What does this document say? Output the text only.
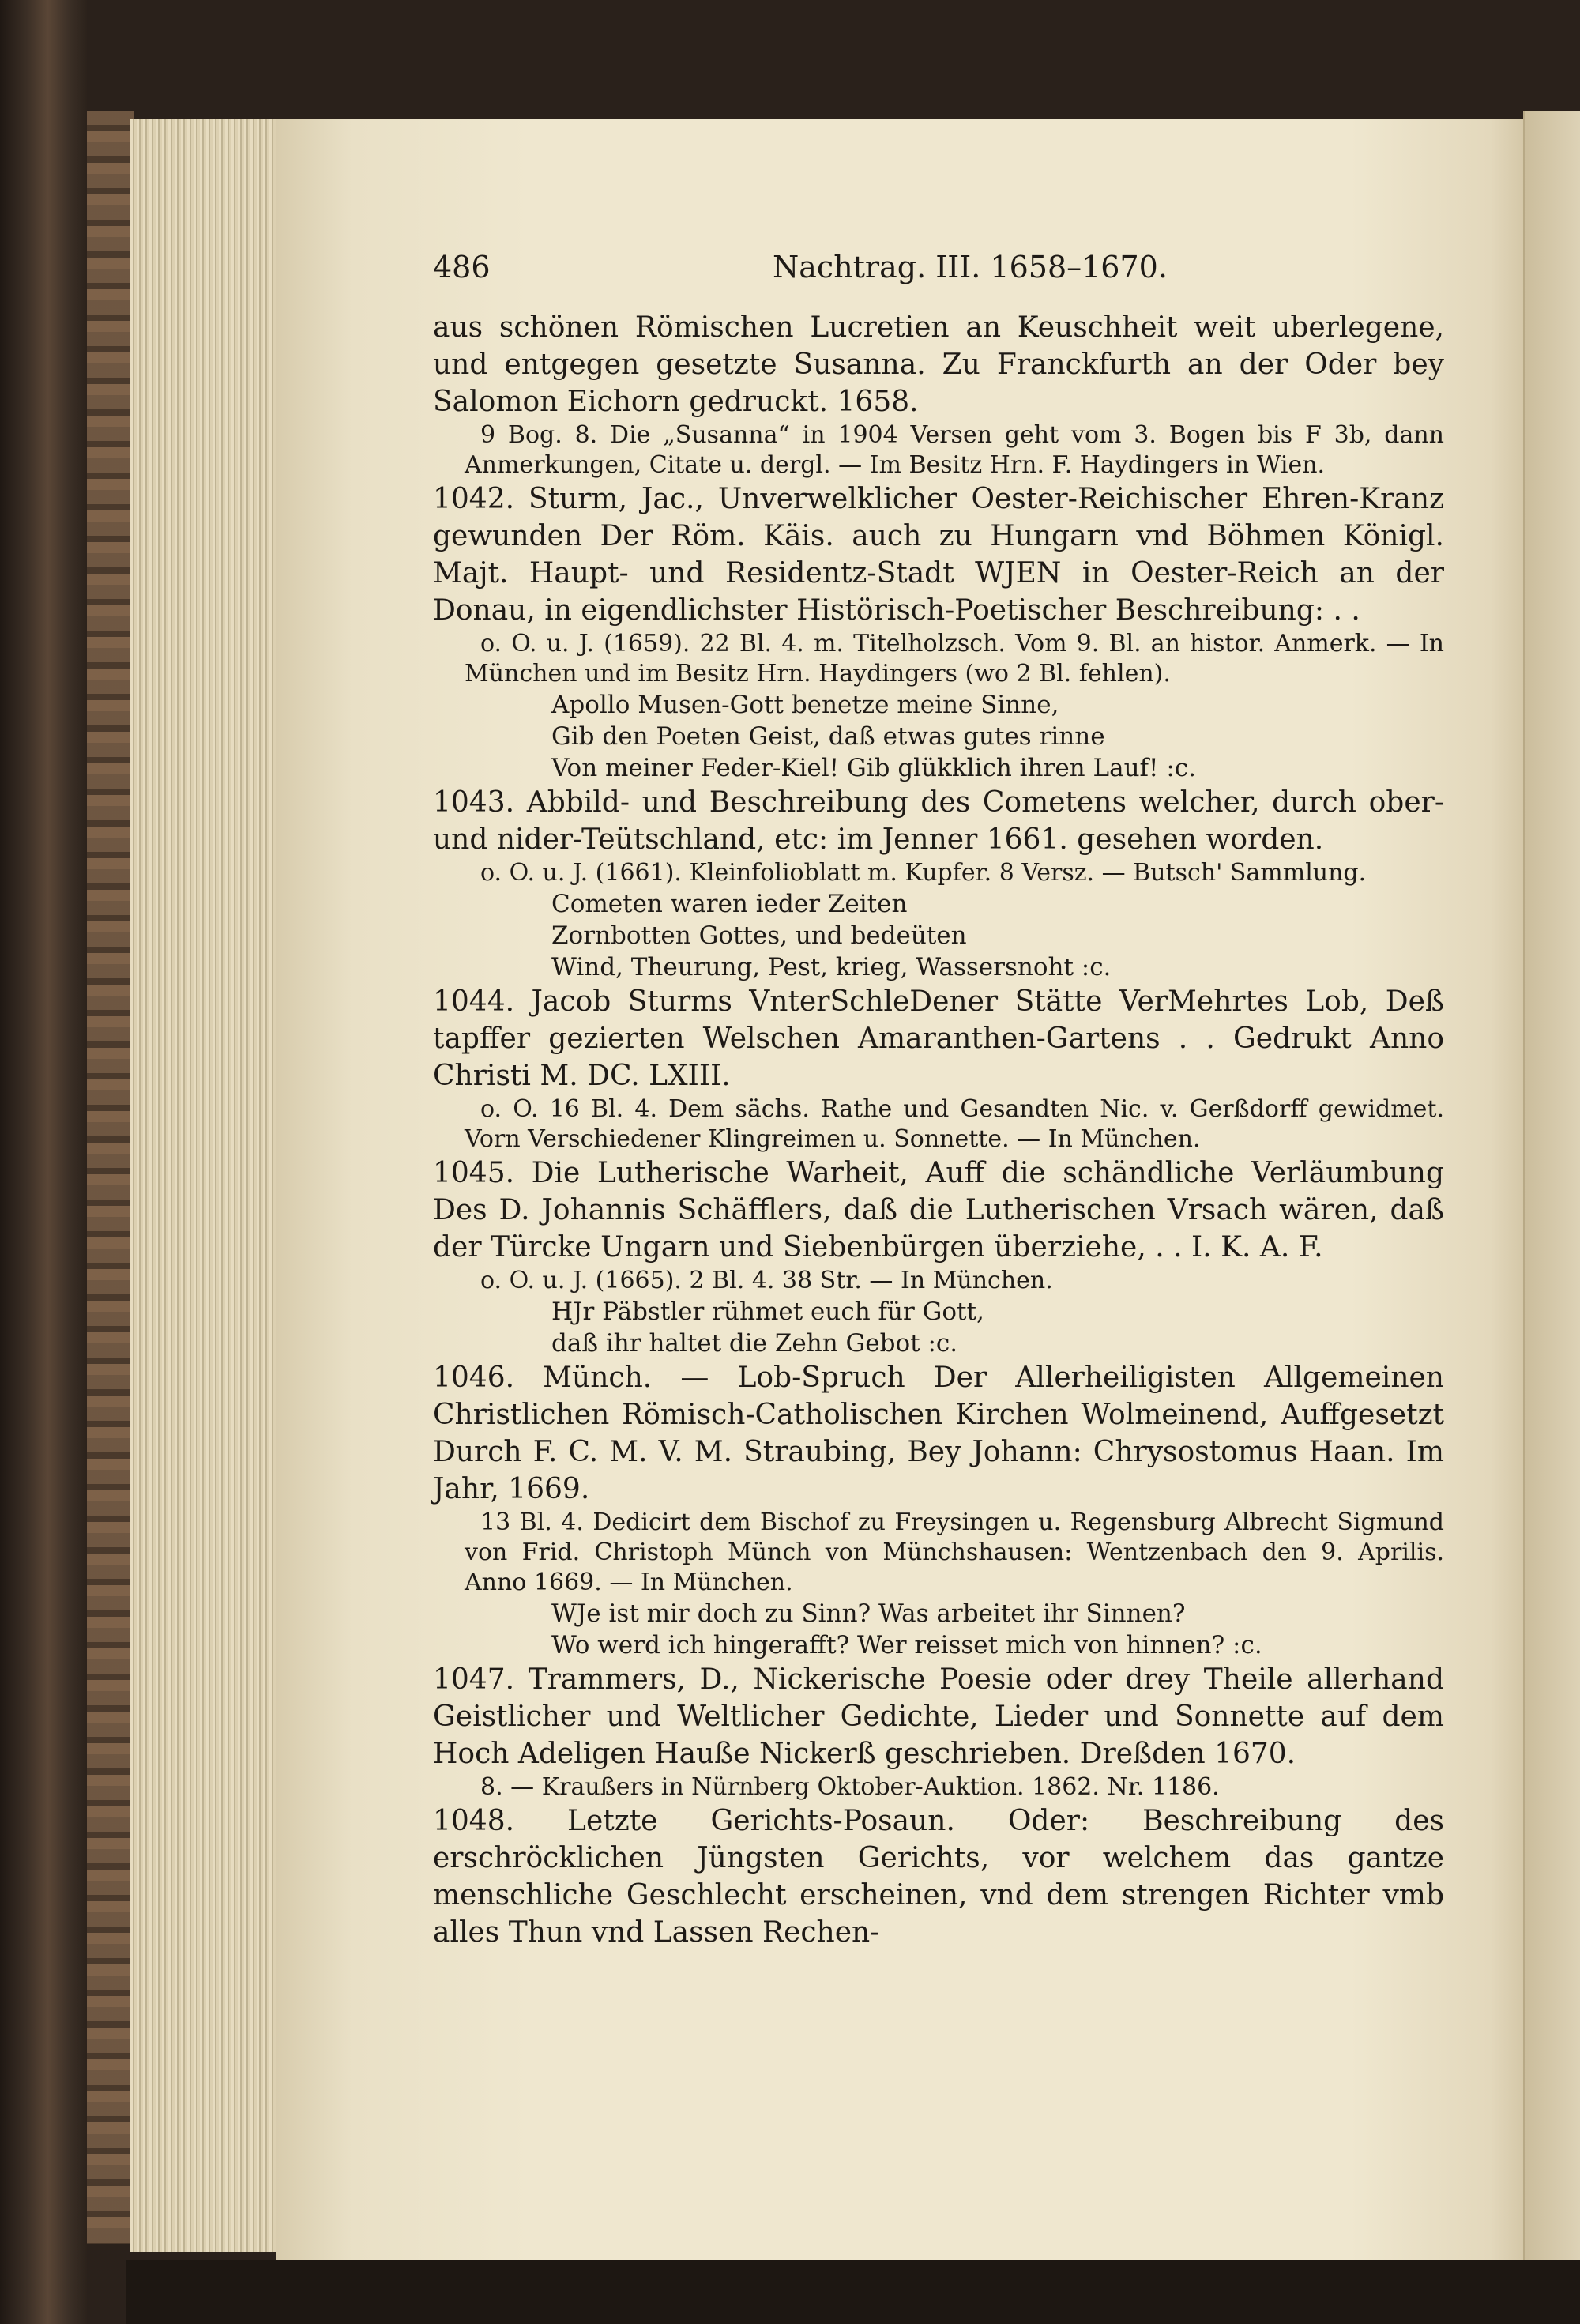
486	Nachtrag. III. 1658–1670.

aus schönen Römischen Lucretien an Keuschheit weit uberlegene, und entgegen gesetzte Susanna. Zu Franckfurth an der Oder bey Salomon Eichorn gedruckt. 1658.

9 Bog. 8. Die „Susanna“ in 1904 Versen geht vom 3. Bogen bis F 3b, dann Anmerkungen, Citate u. dergl. — Im Besitz Hrn. F. Haydingers in Wien.

1042. Sturm, Jac., Unverwelklicher Oester-Reichischer Ehren-Kranz gewunden Der Röm. Käis. auch zu Hungarn vnd Böhmen Königl. Majt. Haupt- und Residentz-Stadt WJEN in Oester-Reich an der Donau, in eigendlichster Histörisch-Poetischer Beschreibung: . .

o. O. u. J. (1659). 22 Bl. 4. m. Titelholzsch. Vom 9. Bl. an histor. Anmerk. — In München und im Besitz Hrn. Haydingers (wo 2 Bl. fehlen).

Apollo Musen-Gott benetze meine Sinne,
Gib den Poeten Geist, daß etwas gutes rinne
Von meiner Feder-Kiel! Gib glükklich ihren Lauf! :c.

1043. Abbild- und Beschreibung des Cometens welcher, durch ober- und nider-Teütschland, etc: im Jenner 1661. gesehen worden.

o. O. u. J. (1661). Kleinfolioblatt m. Kupfer. 8 Versz. — Butsch' Sammlung.

Cometen waren ieder Zeiten
Zornbotten Gottes, und bedeüten
Wind, Theurung, Pest, krieg, Wassersnoht :c.

1044. Jacob Sturms VnterSchleDener Stätte VerMehrtes Lob, Deß tapffer gezierten Welschen Amaranthen-Gartens . . Gedrukt Anno Christi M. DC. LXIII.

o. O. 16 Bl. 4. Dem sächs. Rathe und Gesandten Nic. v. Gerßdorff gewidmet. Vorn Verschiedener Klingreimen u. Sonnette. — In München.

1045. Die Lutherische Warheit, Auff die schändliche Verläumbung Des D. Johannis Schäfflers, daß die Lutherischen Vrsach wären, daß der Türcke Ungarn und Siebenbürgen überziehe, . . I. K. A. F.

o. O. u. J. (1665). 2 Bl. 4. 38 Str. — In München.

HJr Päbstler rühmet euch für Gott,
daß ihr haltet die Zehn Gebot :c.

1046. Münch. — Lob-Spruch Der Allerheiligisten Allgemeinen Christlichen Römisch-Catholischen Kirchen Wolmeinend, Auffgesetzt Durch F. C. M. V. M. Straubing, Bey Johann: Chrysostomus Haan. Im Jahr, 1669.

13 Bl. 4. Dedicirt dem Bischof zu Freysingen u. Regensburg Albrecht Sigmund von Frid. Christoph Münch von Münchshausen: Wentzenbach den 9. Aprilis. Anno 1669. — In München.

WJe ist mir doch zu Sinn? Was arbeitet ihr Sinnen?
Wo werd ich hingerafft? Wer reisset mich von hinnen? :c.

1047. Trammers, D., Nickerische Poesie oder drey Theile allerhand Geistlicher und Weltlicher Gedichte, Lieder und Sonnette auf dem Hoch Adeligen Hauße Nickerß geschrieben. Dreßden 1670.

8. — Kraußers in Nürnberg Oktober-Auktion. 1862. Nr. 1186.

1048. Letzte Gerichts-Posaun. Oder: Beschreibung des erschröcklichen Jüngsten Gerichts, vor welchem das gantze menschliche Geschlecht erscheinen, vnd dem strengen Richter vmb alles Thun vnd Lassen Rechen-
